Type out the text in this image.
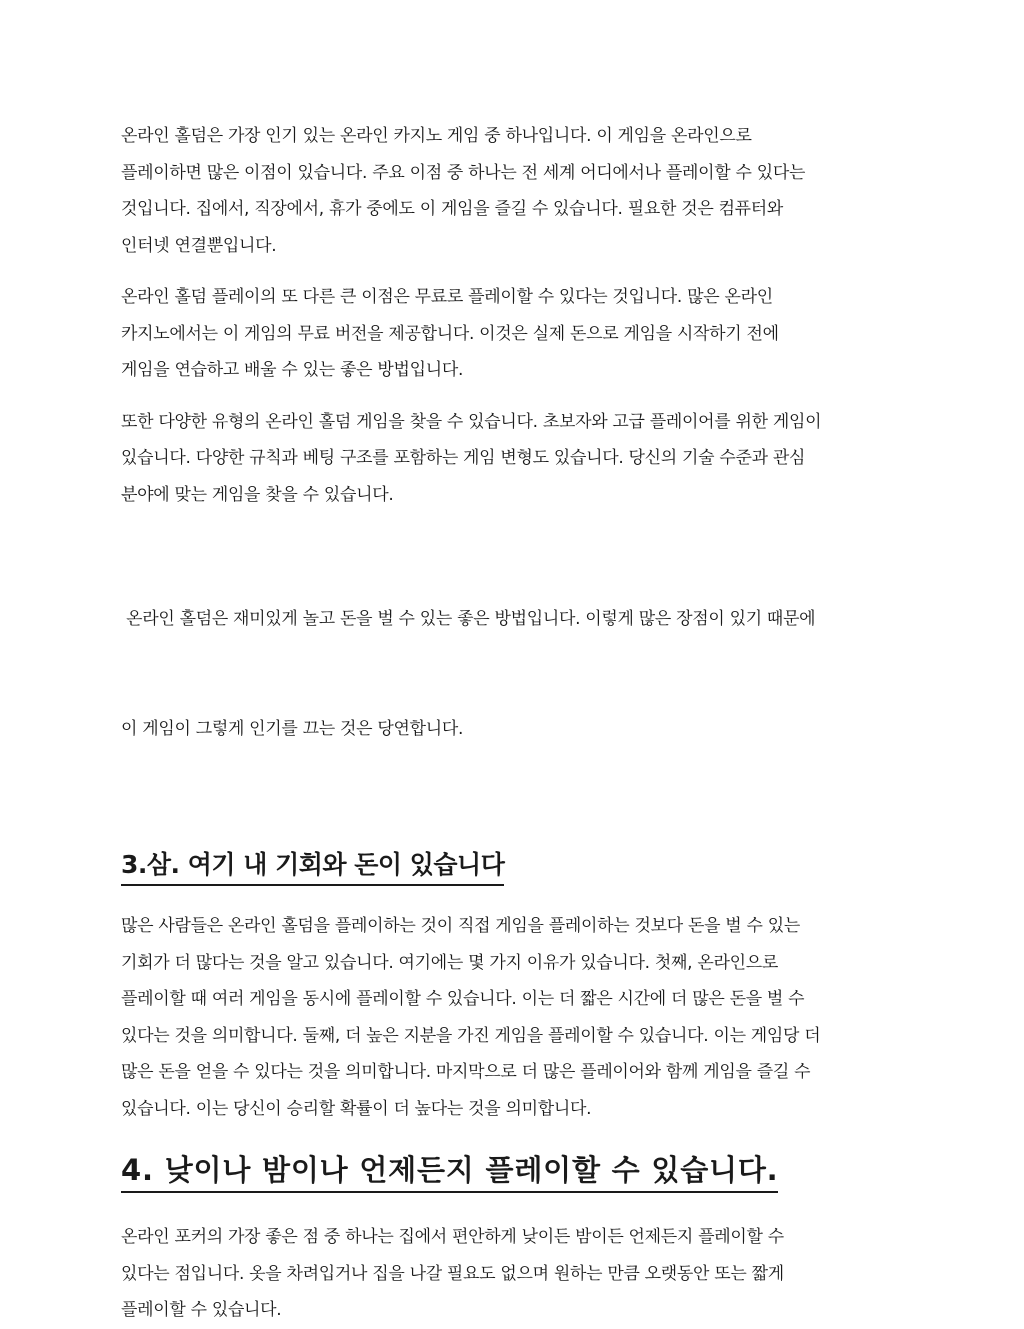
온라인 홀덤은 가장 인기 있는 온라인 카지노 게임 중 하나입니다. 이 게임을 온라인으로
플레이하면 많은 이점이 있습니다. 주요 이점 중 하나는 전 세계 어디에서나 플레이할 수 있다는
것입니다. 집에서, 직장에서, 휴가 중에도 이 게임을 즐길 수 있습니다. 필요한 것은 컴퓨터와
인터넷 연결뿐입니다.

온라인 홀덤 플레이의 또 다른 큰 이점은 무료로 플레이할 수 있다는 것입니다. 많은 온라인
카지노에서는 이 게임의 무료 버전을 제공합니다. 이것은 실제 돈으로 게임을 시작하기 전에
게임을 연습하고 배울 수 있는 좋은 방법입니다.

또한 다양한 유형의 온라인 홀덤 게임을 찾을 수 있습니다. 초보자와 고급 플레이어를 위한 게임이
있습니다. 다양한 규칙과 베팅 구조를 포함하는 게임 변형도 있습니다. 당신의 기술 수준과 관심
분야에 맞는 게임을 찾을 수 있습니다.

온라인 홀덤은 재미있게 놀고 돈을 벌 수 있는 좋은 방법입니다. 이렇게 많은 장점이 있기 때문에

이 게임이 그렇게 인기를 끄는 것은 당연합니다.

3.삼. 여기 내 기회와 돈이 있습니다

많은 사람들은 온라인 홀덤을 플레이하는 것이 직접 게임을 플레이하는 것보다 돈을 벌 수 있는
기회가 더 많다는 것을 알고 있습니다. 여기에는 몇 가지 이유가 있습니다. 첫째, 온라인으로
플레이할 때 여러 게임을 동시에 플레이할 수 있습니다. 이는 더 짧은 시간에 더 많은 돈을 벌 수
있다는 것을 의미합니다. 둘째, 더 높은 지분을 가진 게임을 플레이할 수 있습니다. 이는 게임당 더
많은 돈을 얻을 수 있다는 것을 의미합니다. 마지막으로 더 많은 플레이어와 함께 게임을 즐길 수
있습니다. 이는 당신이 승리할 확률이 더 높다는 것을 의미합니다.

4. 낮이나 밤이나 언제든지 플레이할 수 있습니다.

온라인 포커의 가장 좋은 점 중 하나는 집에서 편안하게 낮이든 밤이든 언제든지 플레이할 수
있다는 점입니다. 옷을 차려입거나 집을 나갈 필요도 없으며 원하는 만큼 오랫동안 또는 짧게
플레이할 수 있습니다.
